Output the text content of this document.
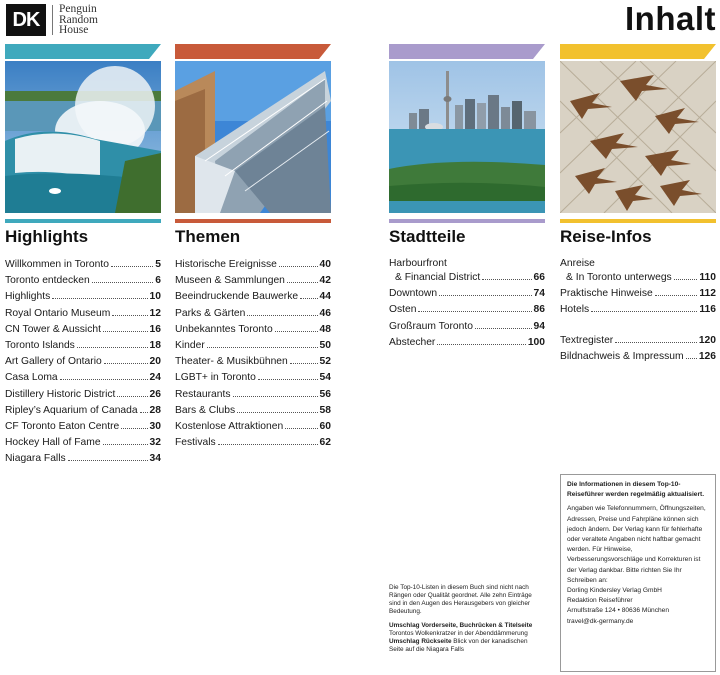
DK	Penguin
Random
House	Inhalt
Highlights
Willkommen in Toronto	5
Toronto entdecken	6
Highlights	10
Royal Ontario Museum	12
CN Tower & Aussicht	16
Toronto Islands	18
Art Gallery of Ontario	20
Casa Loma	24
Distillery Historic District	26
Ripley’s Aquarium of Canada 28
CF Toronto Eaton Centre	30
Hockey Hall of Fame	32
Niagara Falls	34
Themen
Historische Ereignisse	40
Museen & Sammlungen	42
Beeindruckende Bauwerke 44
Parks & Gärten	46
Unbekanntes Toronto	48
Kinder	50
Theater- & Musikbühnen	52
LGBT+ in Toronto	54
Restaurants	56
Bars & Clubs	58
Kostenlose Attraktionen	60
Festivals	62
Stadtteile
Harbourfront
& Financial District	66
Downtown	74
Osten	86
Großraum Toronto	94
Abstecher	100
Reise-Infos
Anreise
& In Toronto unterwegs	110
Praktische Hinweise	112
Hotels	116
Textregister	120
Bildnachweis & Impressum 126
Die Top-10-Listen in diesem Buch sind nicht nach Rängen oder Qualität geordnet. Alle zehn Einträge sind in den Augen des Herausgebers von gleicher Bedeutung.
Umschlag Vorderseite, Buchrücken & Titelseite Torontos Wolkenkratzer in der Abenddämmerung
Umschlag Rückseite Blick von der kanadischen Seite auf die Niagara Falls
Die Informationen in diesem Top-10-Reiseführer werden regelmäßig aktualisiert.
Angaben wie Telefonnummern, Öffnungszeiten, Adressen, Preise und Fahrpläne können sich jedoch ändern. Der Verlag kann für fehlerhafte oder veraltete Angaben nicht haftbar gemacht werden. Für Hinweise, Verbesserungsvorschläge und Korrekturen ist der Verlag dankbar. Bitte richten Sie Ihr Schreiben an:
Dorling Kindersley Verlag GmbH
Redaktion Reiseführer
Arnulfstraße 124 • 80636 München
travel@dk-germany.de
